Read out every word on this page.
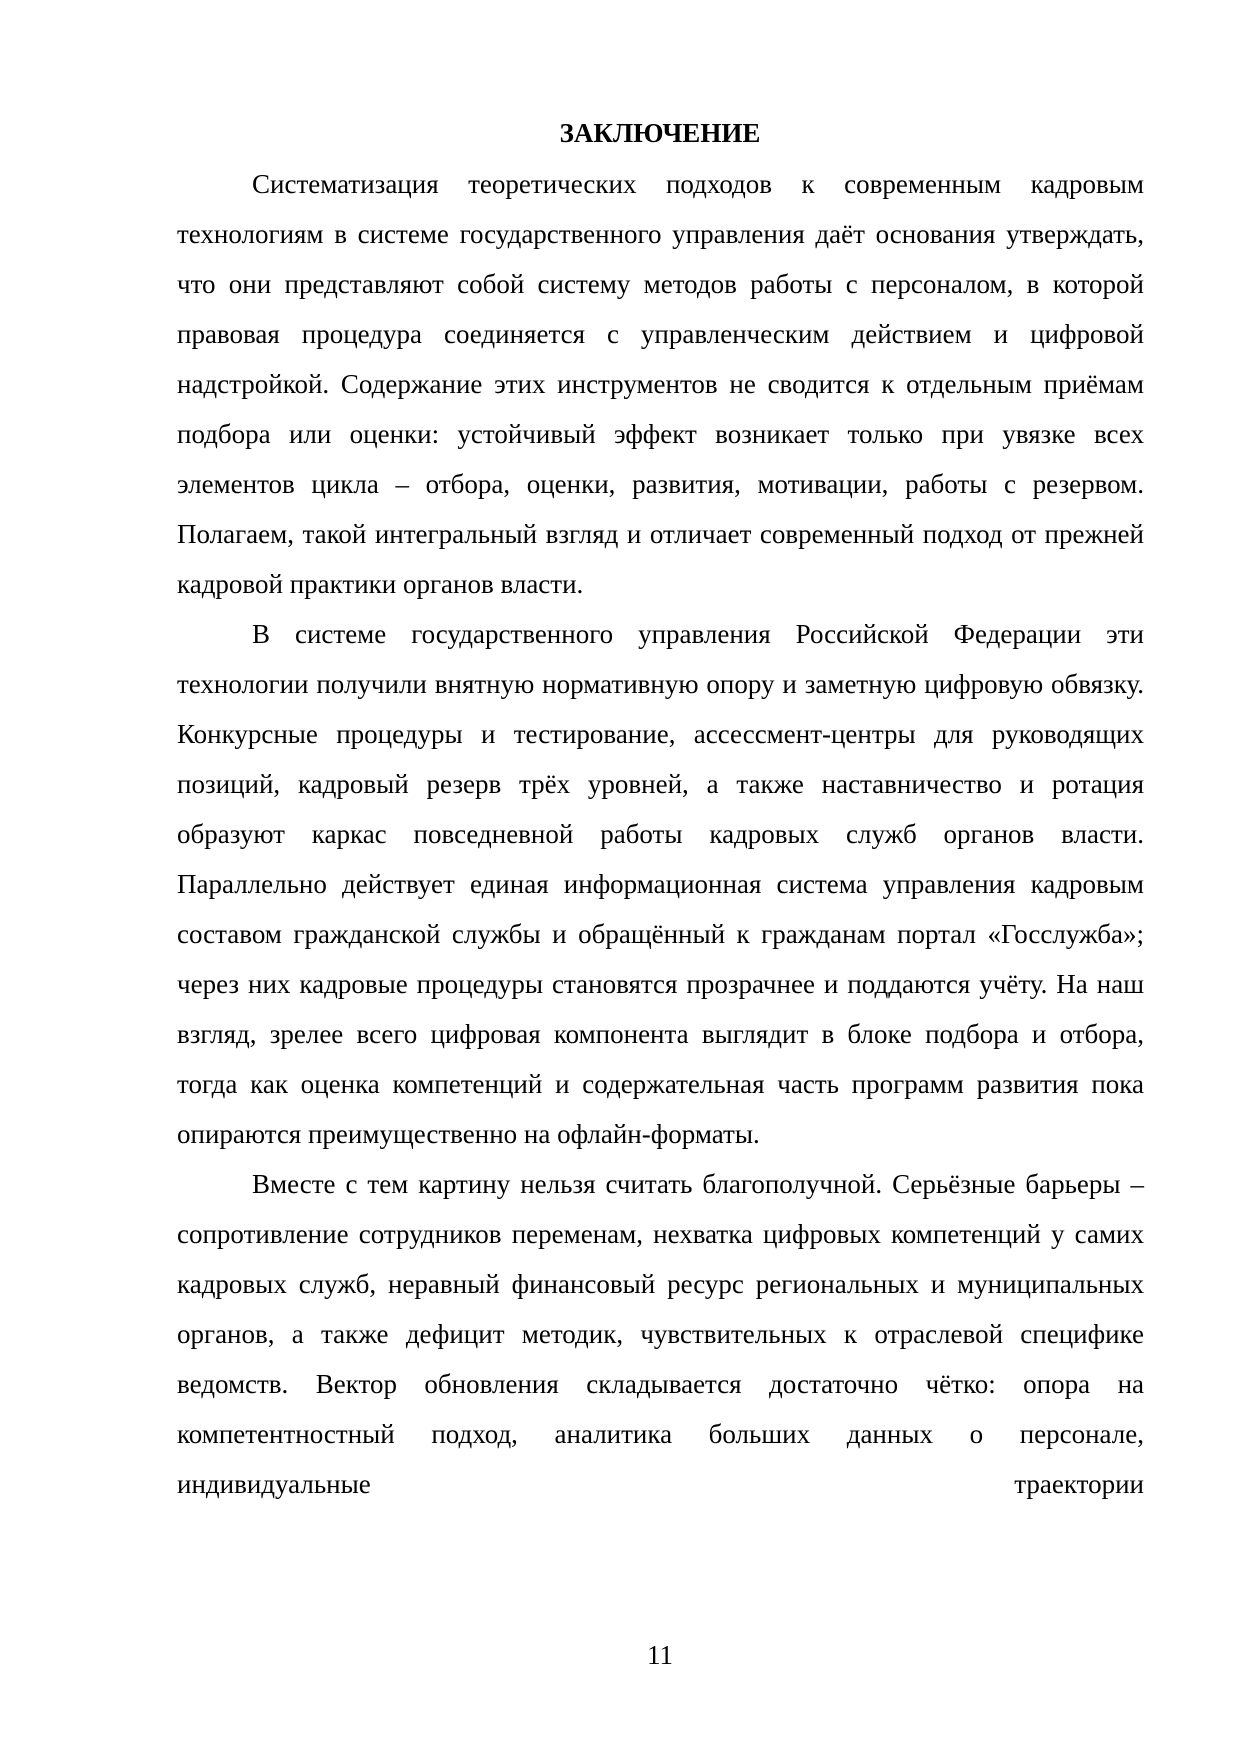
ЗАКЛЮЧЕНИЕ

Систематизация теоретических подходов к современным кадровым технологиям в системе государственного управления даёт основания утверждать, что они представляют собой систему методов работы с персоналом, в которой правовая процедура соединяется с управленческим действием и цифровой надстройкой. Содержание этих инструментов не сводится к отдельным приёмам подбора или оценки: устойчивый эффект возникает только при увязке всех элементов цикла – отбора, оценки, развития, мотивации, работы с резервом. Полагаем, такой интегральный взгляд и отличает современный подход от прежней кадровой практики органов власти.

В системе государственного управления Российской Федерации эти технологии получили внятную нормативную опору и заметную цифровую обвязку. Конкурсные процедуры и тестирование, ассессмент-центры для руководящих позиций, кадровый резерв трёх уровней, а также наставничество и ротация образуют каркас повседневной работы кадровых служб органов власти. Параллельно действует единая информационная система управления кадровым составом гражданской службы и обращённый к гражданам портал «Госслужба»; через них кадровые процедуры становятся прозрачнее и поддаются учёту. На наш взгляд, зрелее всего цифровая компонента выглядит в блоке подбора и отбора, тогда как оценка компетенций и содержательная часть программ развития пока опираются преимущественно на офлайн-форматы.

Вместе с тем картину нельзя считать благополучной. Серьёзные барьеры – сопротивление сотрудников переменам, нехватка цифровых компетенций у самих кадровых служб, неравный финансовый ресурс региональных и муниципальных органов, а также дефицит методик, чувствительных к отраслевой специфике ведомств. Вектор обновления складывается достаточно чётко: опора на компетентностный подход, аналитика больших данных о персонале, индивидуальные траектории

11
